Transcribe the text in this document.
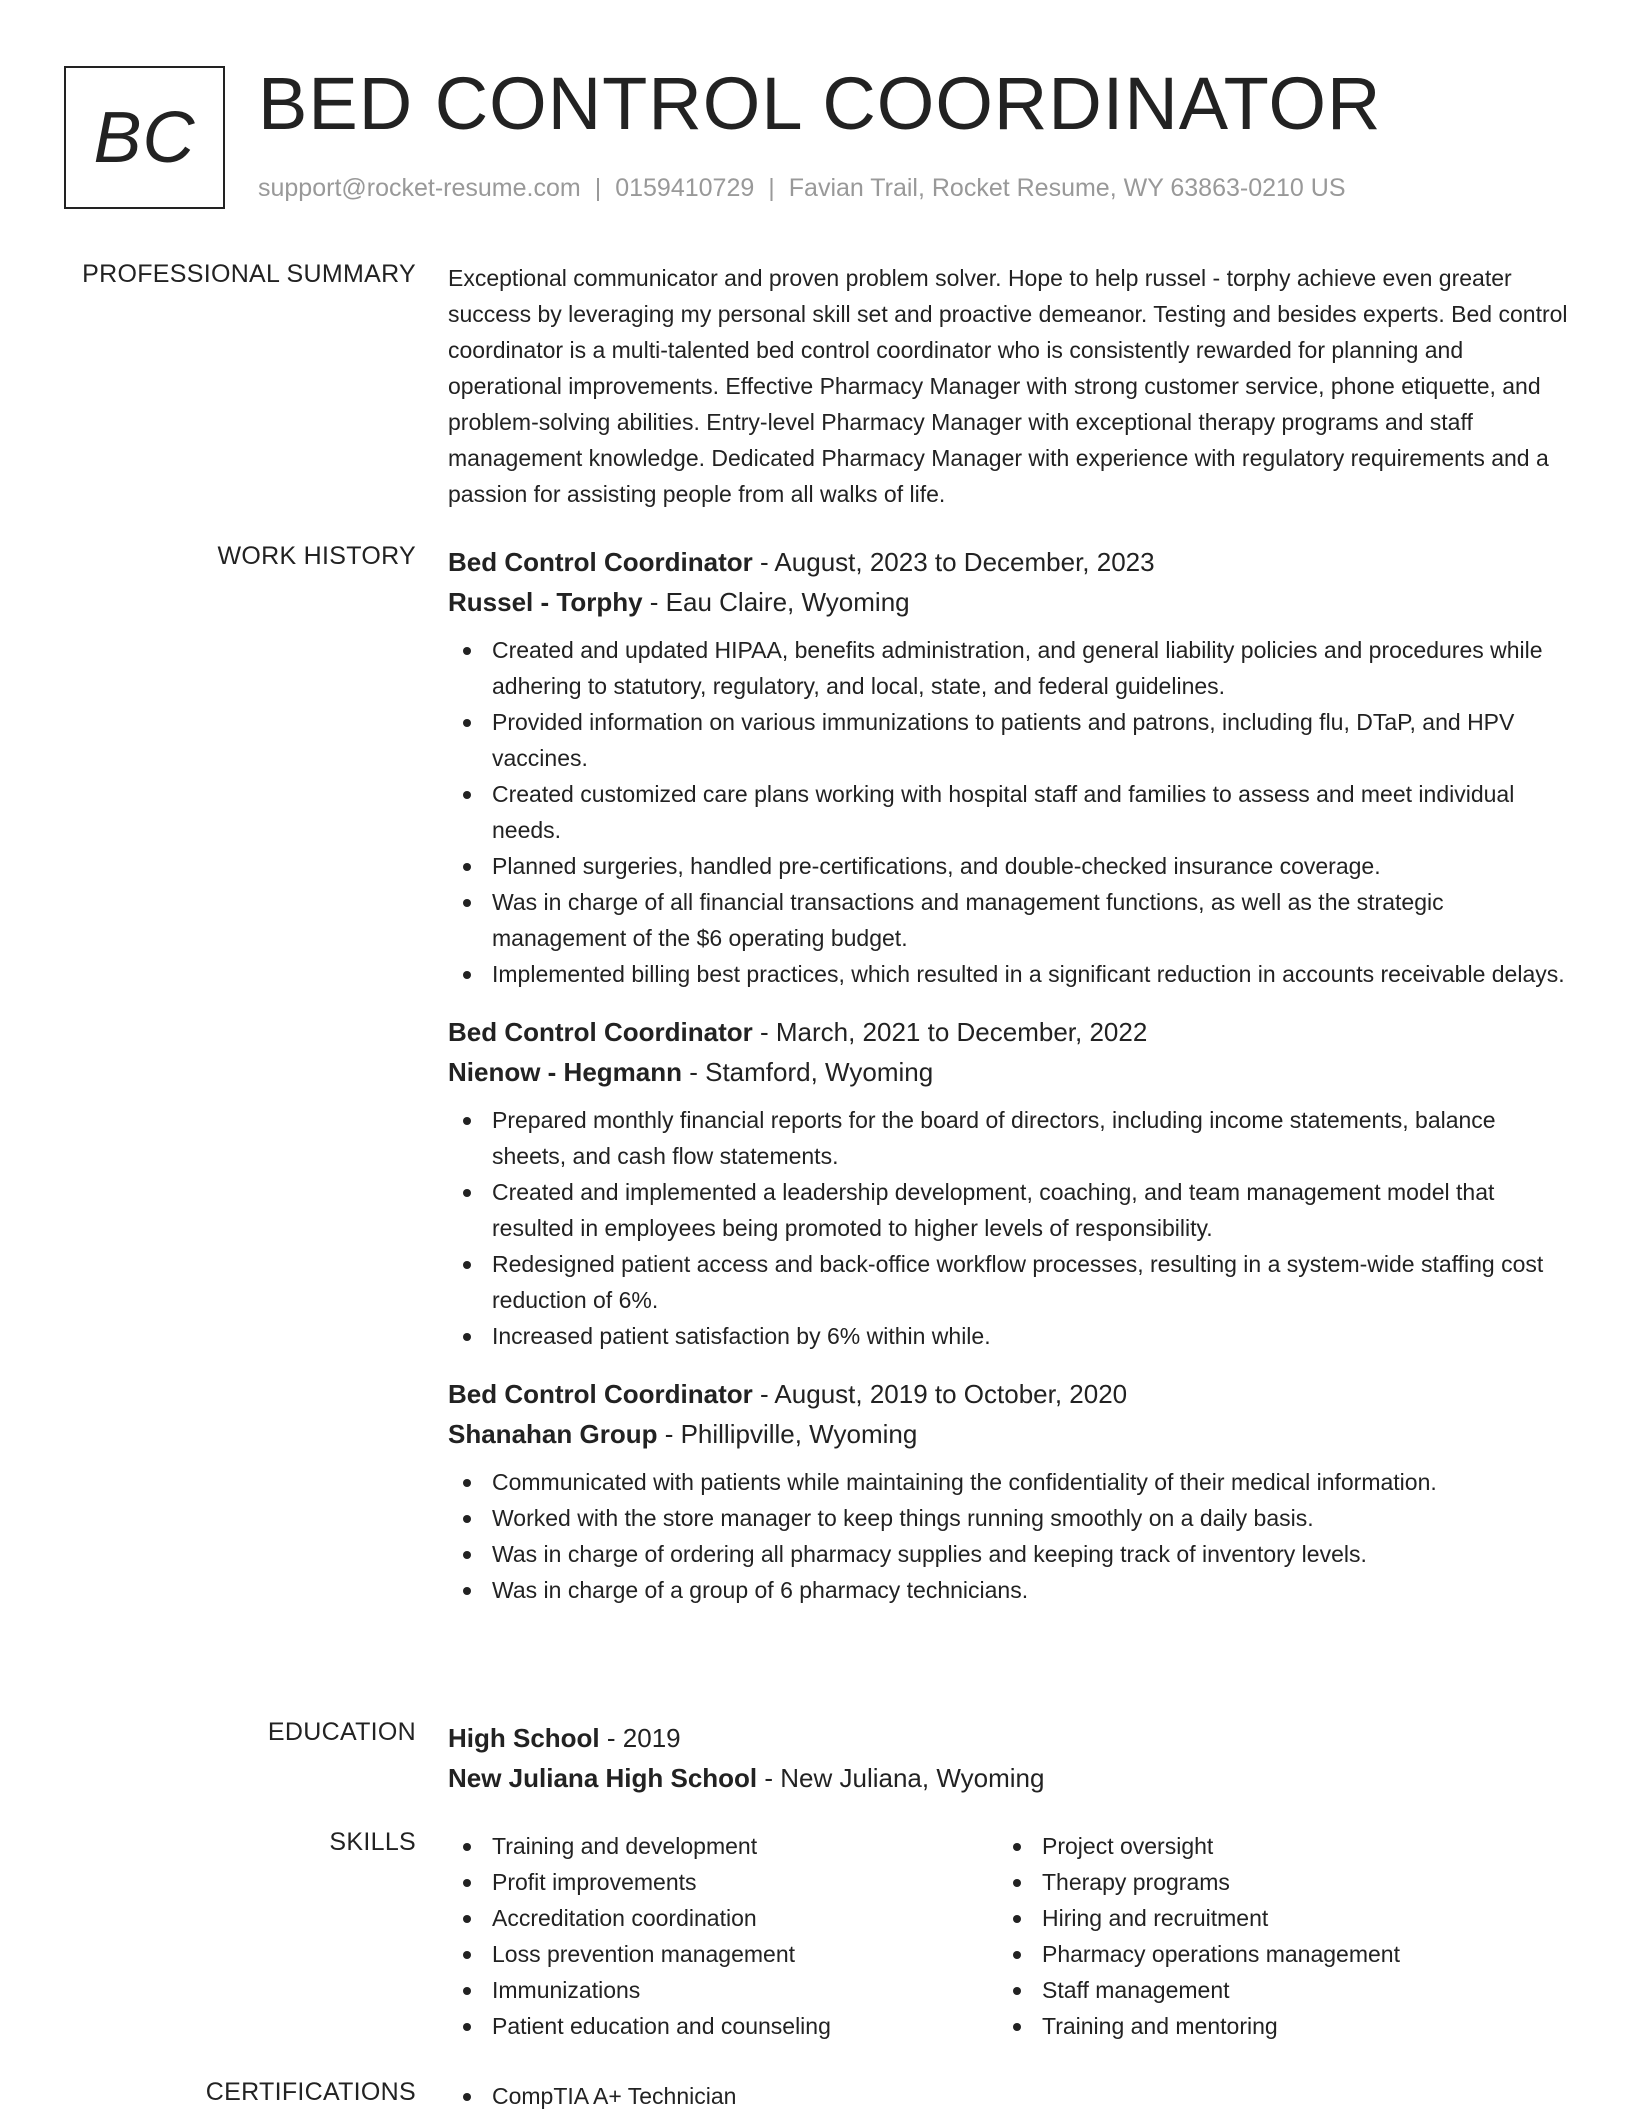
BC BED CONTROL COORDINATOR
support@rocket-resume.com | 0159410729 | Favian Trail, Rocket Resume, WY 63863-0210 US
PROFESSIONAL SUMMARY Exceptional communicator and proven problem solver. Hope to help russel - torphy achieve even greater success by leveraging my personal skill set and proactive demeanor. Testing and besides experts. Bed control coordinator is a multi-talented bed control coordinator who is consistently rewarded for planning and operational improvements. Effective Pharmacy Manager with strong customer service, phone etiquette, and problem-solving abilities. Entry-level Pharmacy Manager with exceptional therapy programs and staff management knowledge. Dedicated Pharmacy Manager with experience with regulatory requirements and a passion for assisting people from all walks of life.

WORK HISTORY Bed Control Coordinator - August, 2023 to December, 2023
Russel - Torphy - Eau Claire, Wyoming
Created and updated HIPAA, benefits administration, and general liability policies and procedures while adhering to statutory, regulatory, and local, state, and federal guidelines.
Provided information on various immunizations to patients and patrons, including flu, DTaP, and HPV vaccines.
Created customized care plans working with hospital staff and families to assess and meet individual needs.
Planned surgeries, handled pre-certifications, and double-checked insurance coverage.
Was in charge of all financial transactions and management functions, as well as the strategic management of the $6 operating budget.
Implemented billing best practices, which resulted in a significant reduction in accounts receivable delays.
Bed Control Coordinator - March, 2021 to December, 2022
Nienow - Hegmann - Stamford, Wyoming
Prepared monthly financial reports for the board of directors, including income statements, balance sheets, and cash flow statements.
Created and implemented a leadership development, coaching, and team management model that resulted in employees being promoted to higher levels of responsibility.
Redesigned patient access and back-office workflow processes, resulting in a system-wide staffing cost reduction of 6%.
Increased patient satisfaction by 6% within while.
Bed Control Coordinator - August, 2019 to October, 2020
Shanahan Group - Phillipville, Wyoming
Communicated with patients while maintaining the confidentiality of their medical information.
Worked with the store manager to keep things running smoothly on a daily basis.
Was in charge of ordering all pharmacy supplies and keeping track of inventory levels.
Was in charge of a group of 6 pharmacy technicians.
EDUCATION High School - 2019
New Juliana High School - New Juliana, Wyoming
SKILLS	Training and development
Profit improvements
Accreditation coordination
Loss prevention management
Immunizations
Patient education and counseling
Project oversight
Therapy programs
Hiring and recruitment
Pharmacy operations management
Staff management
Training and mentoring
CERTIFICATIONS	CompTIA A+ Technician
